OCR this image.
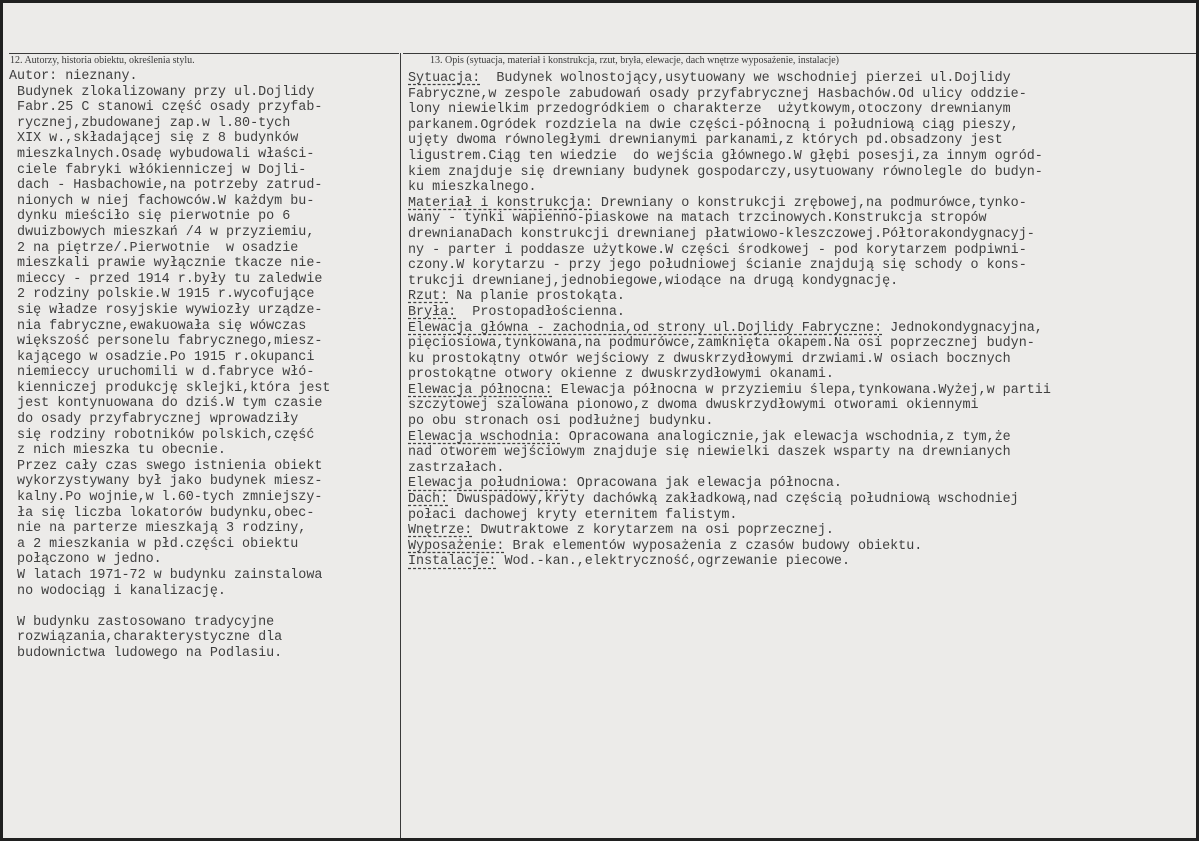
12. Autorzy, historia obiektu, określenia stylu.	13. Opis (sytuacja, materiał i konstrukcja, rzut, bryła, elewacje, dach wnętrze wyposażenie, instalacje)
Autor: nieznany.
Budynek zlokalizowany przy ul.Dojlidy
Fabr.25 C stanowi część osady przyfab-
rycznej,zbudowanej zap.w l.80-tych
XIX w.,składającej się z 8 budynków
mieszkalnych.Osadę wybudowali właści-
ciele fabryki włókienniczej w Dojli-
dach - Hasbachowie,na potrzeby zatrud-
nionych w niej fachowców.W każdym bu-
dynku mieściło się pierwotnie po 6
dwuizbowych mieszkań /4 w przyziemiu,
2 na piętrze/.Pierwotnie  w osadzie
mieszkali prawie wyłącznie tkacze nie-
mieccy - przed 1914 r.były tu zaledwie
2 rodziny polskie.W 1915 r.wycofujące
się władze rosyjskie wywiozły urządze-
nia fabryczne,ewakuowała się wówczas
większość personelu fabrycznego,miesz-
kającego w osadzie.Po 1915 r.okupanci
niemieccy uruchomili w d.fabryce włó-
kienniczej produkcję sklejki,która jest
jest kontynuowana do dziś.W tym czasie
do osady przyfabrycznej wprowadziły
się rodziny robotników polskich,część
z nich mieszka tu obecnie.
Przez cały czas swego istnienia obiekt
wykorzystywany był jako budynek miesz-
kalny.Po wojnie,w l.60-tych zmniejszy-
ła się liczba lokatorów budynku,obec-
nie na parterze mieszkają 3 rodziny,
a 2 mieszkania w płd.części obiektu
połączono w jedno.
W latach 1971-72 w budynku zainstalowa
no wodociąg i kanalizację.

W budynku zastosowano tradycyjne
rozwiązania,charakterystyczne dla
budownictwa ludowego na Podlasiu.
Sytuacja:  Budynek wolnostojący,usytuowany we wschodniej pierzei ul.Dojlidy
Fabryczne,w zespole zabudowań osady przyfabrycznej Hasbachów.Od ulicy oddzie-
lony niewielkim przedogródkiem o charakterze  użytkowym,otoczony drewnianym
parkanem.Ogródek rozdziela na dwie części-północną i południową ciąg pieszy,
ujęty dwoma równoległymi drewnianymi parkanami,z których pd.obsadzony jest
ligustrem.Ciąg ten wiedzie  do wejścia głównego.W głębi posesji,za innym ogród-
kiem znajduje się drewniany budynek gospodarczy,usytuowany równolegle do budyn-
ku mieszkalnego.
Materiał i konstrukcja: Drewniany o konstrukcji zrębowej,na podmurówce,tynko-
wany - tynki wapienno-piaskowe na matach trzcinowych.Konstrukcja stropów
drewnianaDach konstrukcji drewnianej płatwiowo-kleszczowej.Półtorakondygnacyj-
ny - parter i poddasze użytkowe.W części środkowej - pod korytarzem podpiwni-
czony.W korytarzu - przy jego południowej ścianie znajdują się schody o kons-
trukcji drewnianej,jednobiegowe,wiodące na drugą kondygnację.
Rzut: Na planie prostokąta.
Bryła:  Prostopadłościenna.
Elewacja główna - zachodnia,od strony ul.Dojlidy Fabryczne: Jednokondygnacyjna,
pięciosiowa,tynkowana,na podmurówce,zamknięta okapem.Na osi poprzecznej budyn-
ku prostokątny otwór wejściowy z dwuskrzydłowymi drzwiami.W osiach bocznych
prostokątne otwory okienne z dwuskrzydłowymi okanami.
Elewacja północna: Elewacja północna w przyziemiu ślepa,tynkowana.Wyżej,w partii
szczytowej szalowana pionowo,z dwoma dwuskrzydłowymi otworami okiennymi
po obu stronach osi podłużnej budynku.
Elewacja wschodnia: Opracowana analogicznie,jak elewacja wschodnia,z tym,że
nad otworem wejściowym znajduje się niewielki daszek wsparty na drewnianych
zastrzałach.
Elewacja południowa: Opracowana jak elewacja północna.
Dach: Dwuspadowy,kryty dachówką zakładkową,nad częścią południową wschodniej
połaci dachowej kryty eternitem falistym.
Wnętrze: Dwutraktowe z korytarzem na osi poprzecznej.
Wyposażenie: Brak elementów wyposażenia z czasów budowy obiektu.
Instalacje: Wod.-kan.,elektryczność,ogrzewanie piecowe.
